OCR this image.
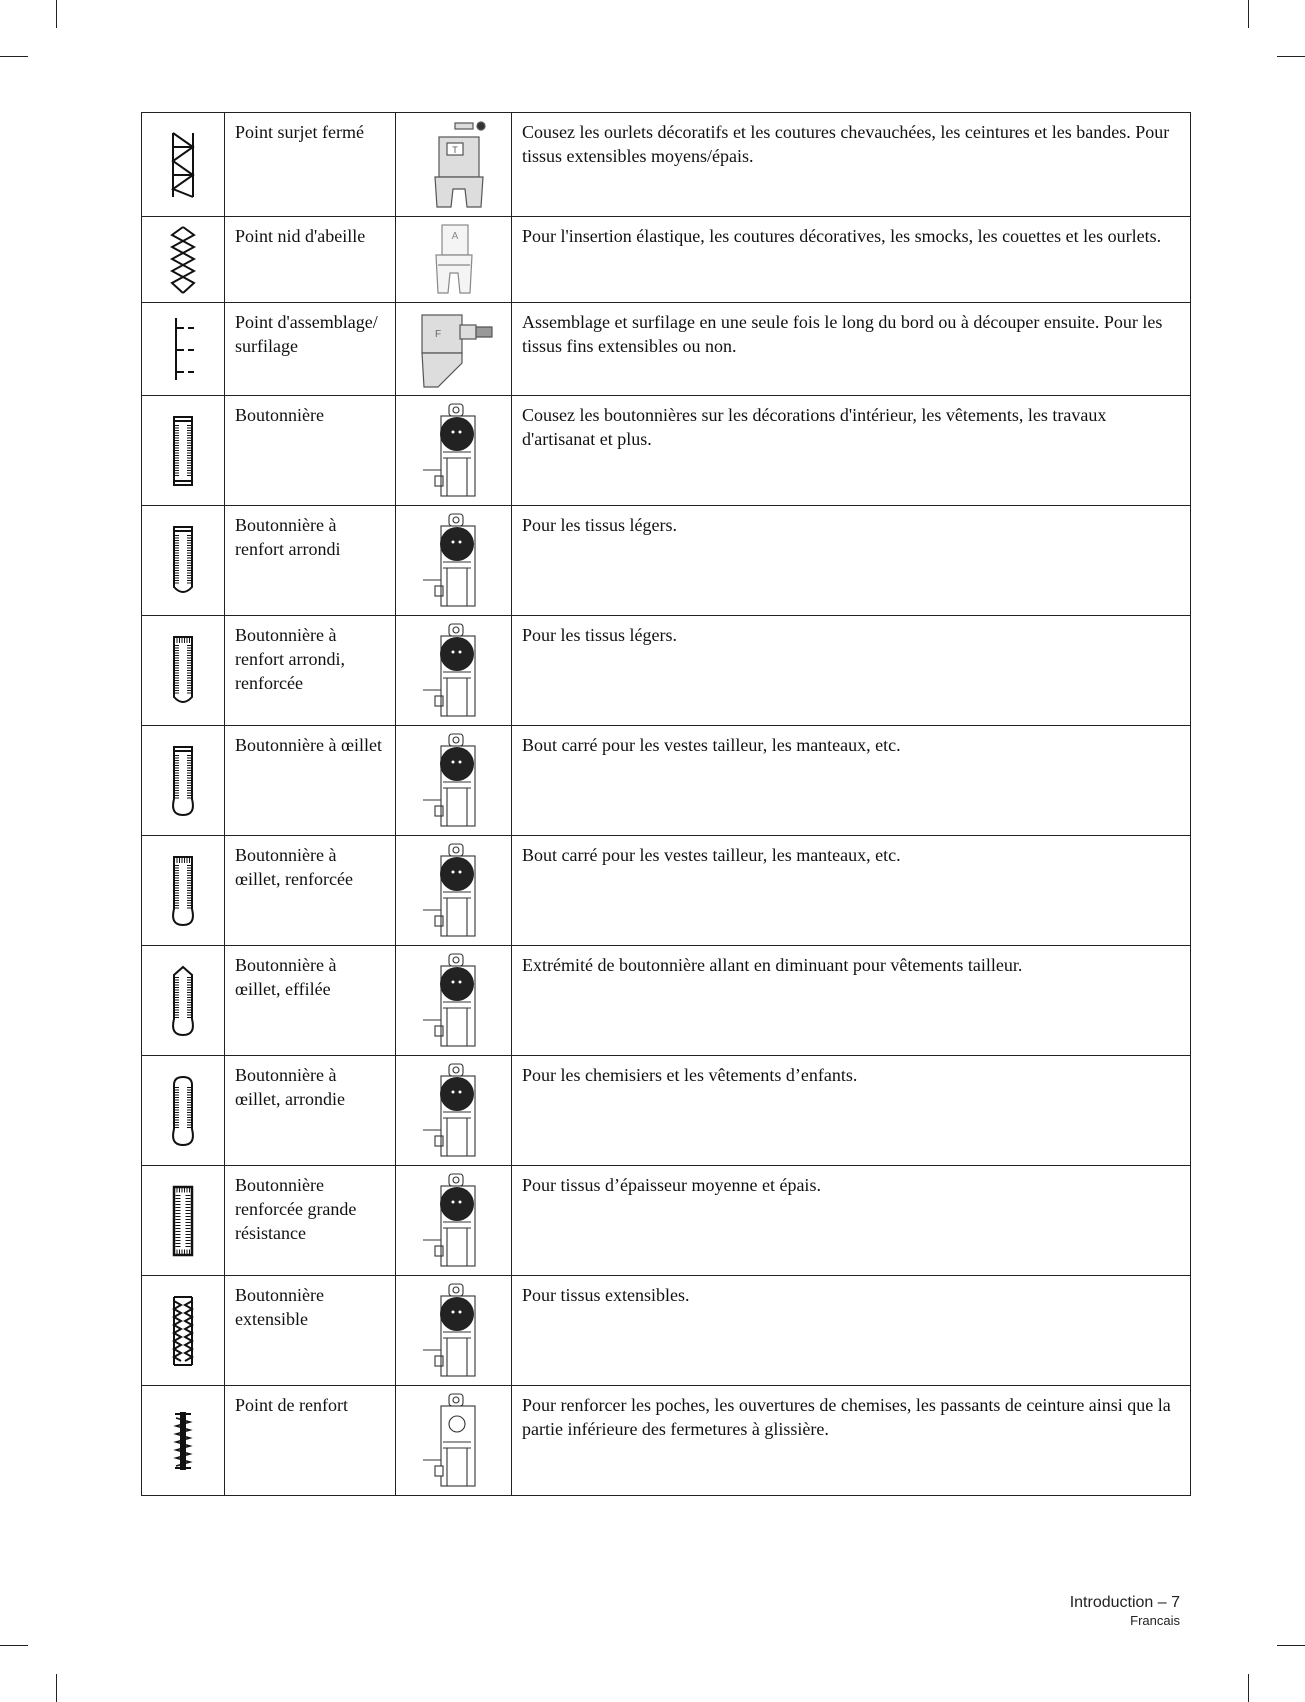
	Point surjet fermé	T	Cousez les ourlets décoratifs et les coutures chevauchées, les ceintures et les bandes. Pour tissus extensibles moyens/épais.

	Point nid d'abeille	A	Pour l'insertion élastique, les coutures décoratives, les smocks, les couettes et les ourlets.

	Point d'assemblage/ surfilage	F	Assemblage et surfilage en une seule fois le long du bord ou à découper ensuite. Pour les tissus fins extensibles ou non.

	Boutonnière		Cousez les boutonnières sur les décorations d'intérieur, les vêtements, les travaux d'artisanat et plus.

	Boutonnière à renfort arrondi		Pour les tissus légers.

	Boutonnière à renfort arrondi, renforcée		Pour les tissus légers.

	Boutonnière à œillet		Bout carré pour les vestes tailleur, les manteaux, etc.

	Boutonnière à œillet, renforcée		Bout carré pour les vestes tailleur, les manteaux, etc.

	Boutonnière à œillet, effilée		Extrémité de boutonnière allant en diminuant pour vêtements tailleur.

	Boutonnière à œillet, arrondie		Pour les chemisiers et les vêtements d’enfants.

	Boutonnière renforcée grande résistance		Pour tissus d’épaisseur moyenne et épais.

	Boutonnière extensible		Pour tissus extensibles.

	Point de renfort		Pour renforcer les poches, les ouvertures de chemises, les passants de ceinture ainsi que la partie inférieure des fermetures à glissière.
Introduction – 7
Francais
